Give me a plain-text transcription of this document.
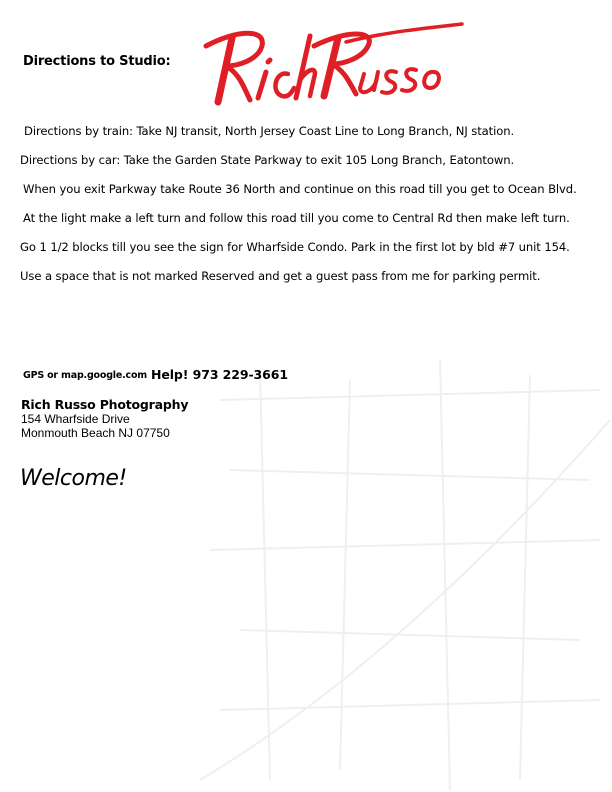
Directions to Studio:
Directions by train: Take NJ transit, North Jersey Coast Line to Long Branch, NJ station.
Directions by car: Take the Garden State Parkway to exit 105 Long Branch, Eatontown.
When you exit Parkway take Route 36 North and continue on this road till you get to Ocean Blvd.
At the light make a left turn and follow this road till you come to Central Rd then make left turn.
Go 1 1/2 blocks till you see the sign for Wharfside Condo. Park in the first lot by bld #7 unit 154.
Use a space that is not marked Reserved and get a guest pass from me for parking permit.
GPS or map.google.com Help! 973 229-3661
Rich Russo Photography
154 Wharfside Drive
Monmouth Beach NJ 07750
Welcome!
